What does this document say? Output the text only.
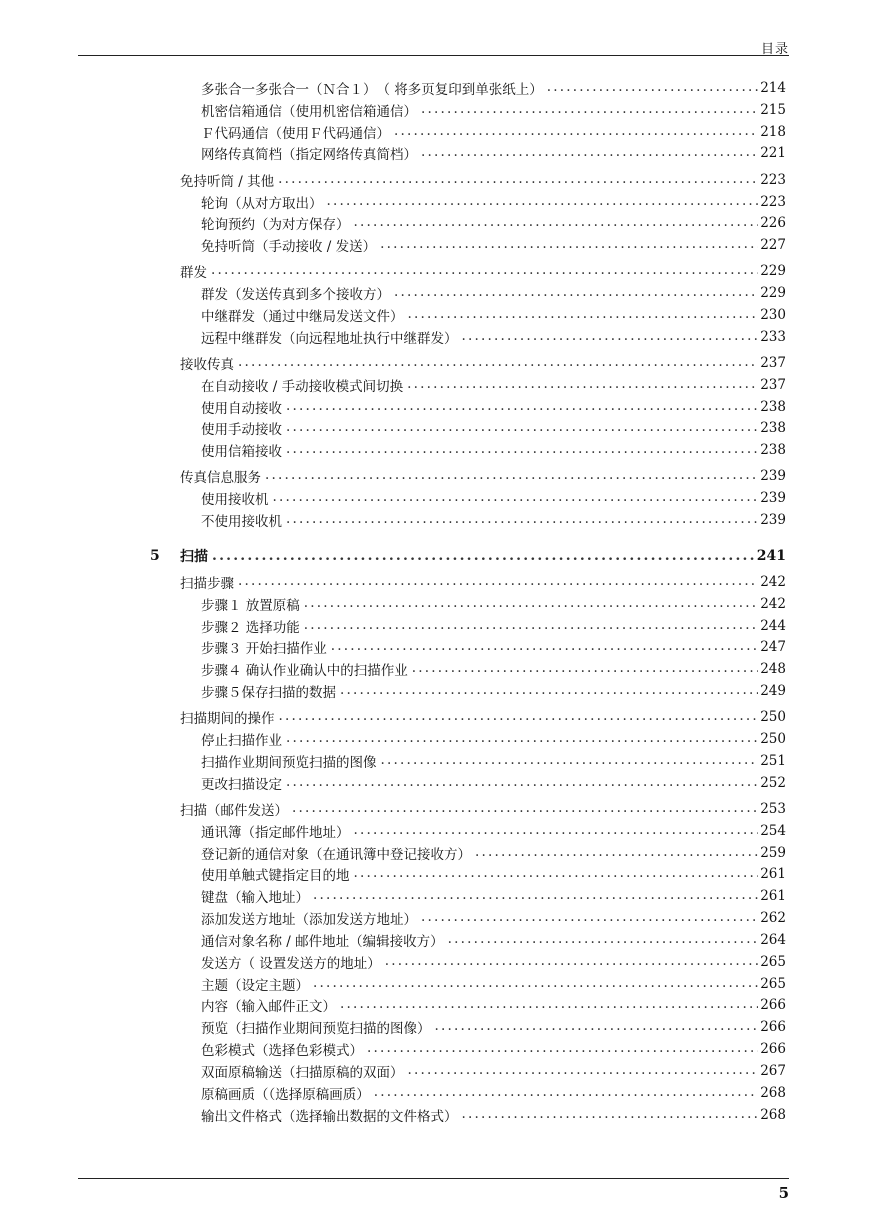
目录
多张合一多张合一（Ｎ合１）　（ 将多页复印到单张纸上） .....	214
机密信箱通信（使用机密信箱通信） .....	215
Ｆ代码通信（使用Ｆ代码通信） .....	218
网络传真简档（指定网络传真简档） .....	221
免持听筒 / 其他 .....	223
轮询（从对方取出） .....	223
轮询预约（为对方保存） .....	226
免持听筒（手动接收 / 发送） .....	227
群发 .....	229
群发（发送传真到多个接收方） .....	229
中继群发（通过中继局发送文件） .....	230
远程中继群发（向远程地址执行中继群发） .....	233
接收传真 .....	237
在自动接收 / 手动接收模式间切换 .....	237
使用自动接收 .....	238
使用手动接收 .....	238
使用信箱接收 .....	238
传真信息服务 .....	239
使用接收机 .....	239
不使用接收机 .....	239
扫描 .....	241
5
扫描步骤 .....	242
步骤１ 放置原稿 .....	242
步骤２ 选择功能 .....	244
步骤３ 开始扫描作业 .....	247
步骤４ 确认作业确认中的扫描作业 .....	248
步骤５保存扫描的数据 .....	249
扫描期间的操作 .....	250
停止扫描作业 .....	250
扫描作业期间预览扫描的图像 .....	251
更改扫描设定 .....	252
扫描（邮件发送） .....	253
通讯簿（指定邮件地址） .....	254
登记新的通信对象（在通讯簿中登记接收方） .....	259
使用单触式键指定目的地 .....	261
键盘（输入地址） .....	261
添加发送方地址（添加发送方地址） .....	262
通信对象名称 / 邮件地址（编辑接收方） .....	264
发送方（ 设置发送方的地址） .....	265
主题（设定主题） .....	265
内容（输入邮件正文） .....	266
预览（扫描作业期间预览扫描的图像） .....	266
色彩模式（选择色彩模式） .....	266
双面原稿输送（扫描原稿的双面） .....	267
原稿画质（（选择原稿画质） .....	268
输出文件格式（选择输出数据的文件格式） .....	268
5
